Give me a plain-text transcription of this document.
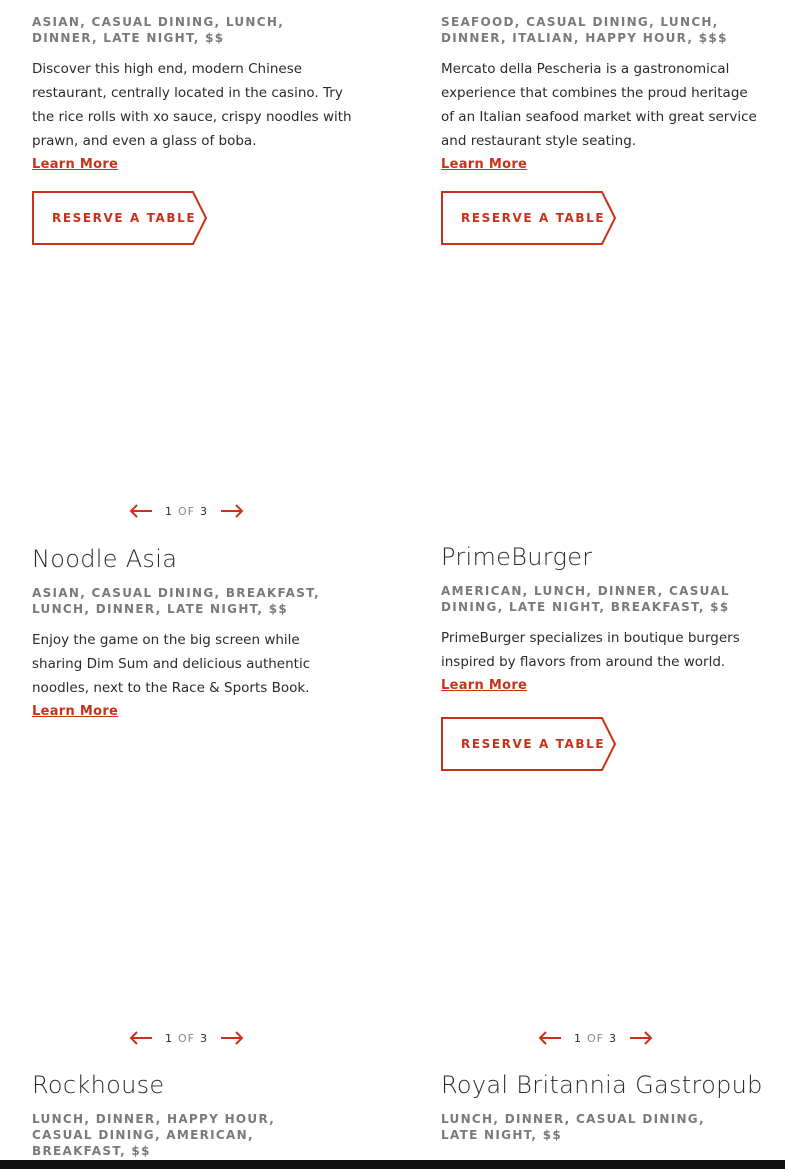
ASIAN, CASUAL DINING, LUNCH, DINNER, LATE NIGHT, $$
Discover this high end, modern Chinese restaurant, centrally located in the casino. Try the rice rolls with xo sauce, crispy noodles with prawn, and even a glass of boba.
Learn More
RESERVE A TABLE
SEAFOOD, CASUAL DINING, LUNCH, DINNER, ITALIAN, HAPPY HOUR, $$$
Mercato della Pescheria is a gastronomical experience that combines the proud heritage of an Italian seafood market with great service and restaurant style seating.
Learn More
RESERVE A TABLE
1 OF 3
Noodle Asia
ASIAN, CASUAL DINING, BREAKFAST, LUNCH, DINNER, LATE NIGHT, $$
Enjoy the game on the big screen while sharing Dim Sum and delicious authentic noodles, next to the Race & Sports Book.
Learn More
PrimeBurger
AMERICAN, LUNCH, DINNER, CASUAL DINING, LATE NIGHT, BREAKFAST, $$
PrimeBurger specializes in boutique burgers inspired by flavors from around the world.
Learn More
RESERVE A TABLE
1 OF 3	1 OF 3
Rockhouse
LUNCH, DINNER, HAPPY HOUR, CASUAL DINING, AMERICAN, BREAKFAST, $$
Royal Britannia Gastropub
LUNCH, DINNER, CASUAL DINING, LATE NIGHT, $$
